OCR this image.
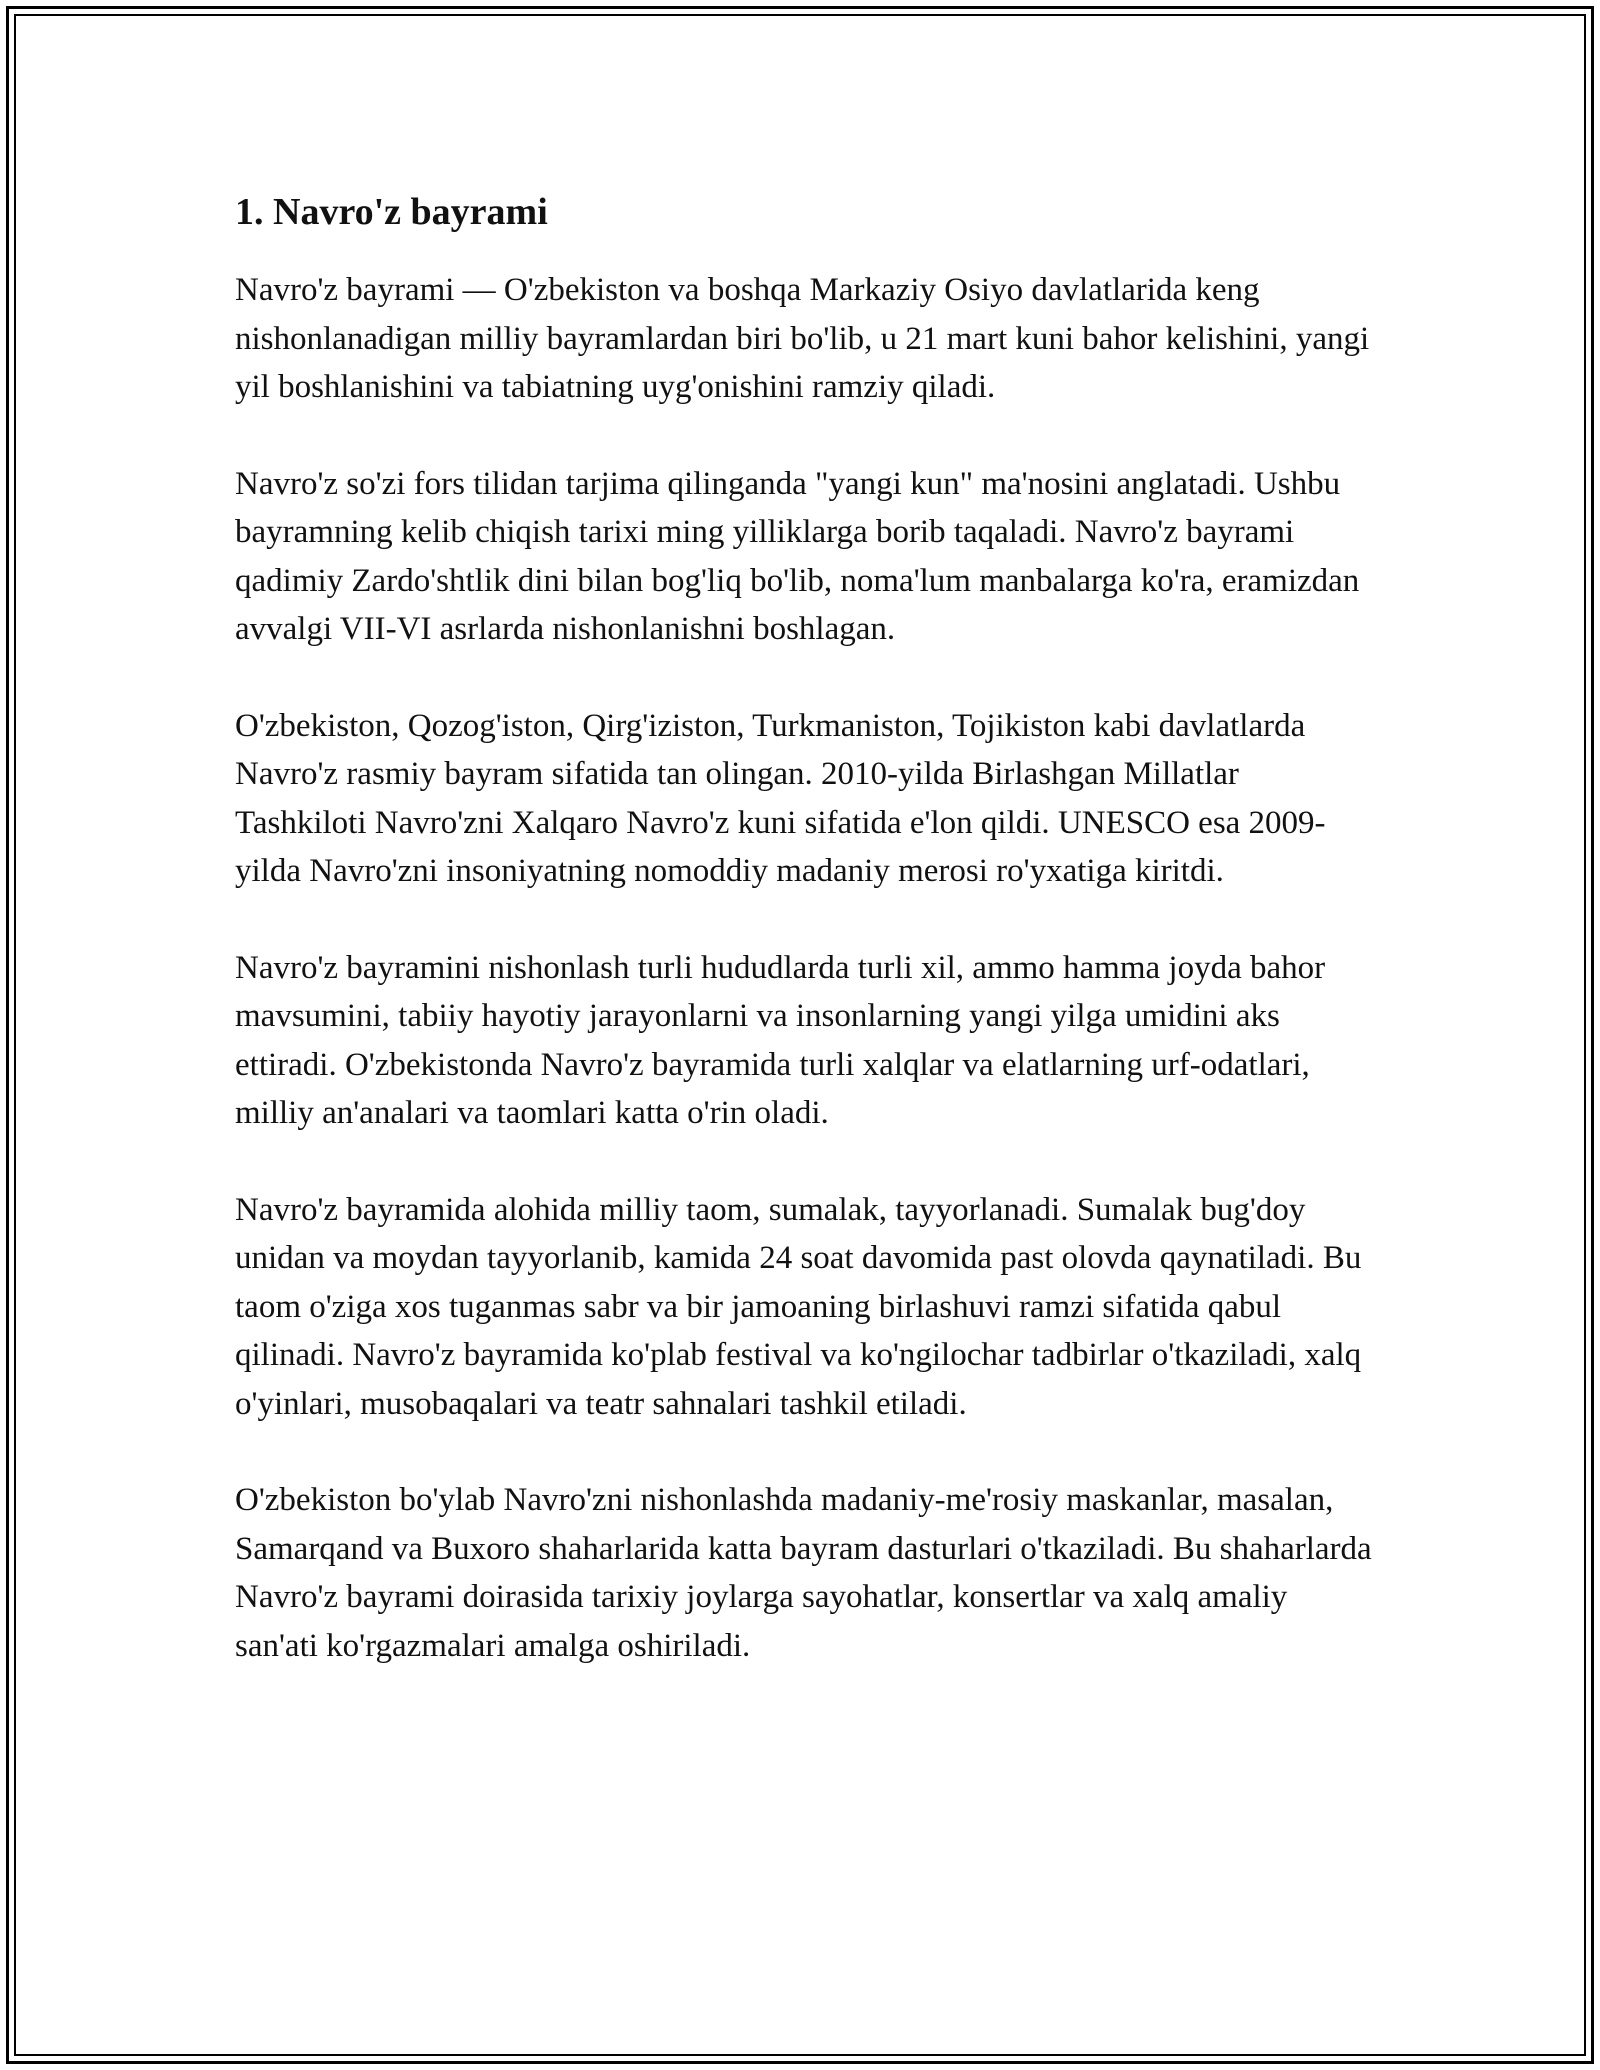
1. Navro'z bayrami

Navro'z bayrami — O'zbekiston va boshqa Markaziy Osiyo davlatlarida keng nishonlanadigan milliy bayramlardan biri bo'lib, u 21 mart kuni bahor kelishini, yangi yil boshlanishini va tabiatning uyg'onishini ramziy qiladi.

Navro'z so'zi fors tilidan tarjima qilinganda "yangi kun" ma'nosini anglatadi. Ushbu bayramning kelib chiqish tarixi ming yilliklarga borib taqaladi. Navro'z bayrami qadimiy Zardo'shtlik dini bilan bog'liq bo'lib, noma'lum manbalarga ko'ra, eramizdan avvalgi VII-VI asrlarda nishonlanishni boshlagan.

O'zbekiston, Qozog'iston, Qirg'iziston, Turkmaniston, Tojikiston kabi davlatlarda Navro'z rasmiy bayram sifatida tan olingan. 2010-yilda Birlashgan Millatlar Tashkiloti Navro'zni Xalqaro Navro'z kuni sifatida e'lon qildi. UNESCO esa 2009-yilda Navro'zni insoniyatning nomoddiy madaniy merosi ro'yxatiga kiritdi.

Navro'z bayramini nishonlash turli hududlarda turli xil, ammo hamma joyda bahor mavsumini, tabiiy hayotiy jarayonlarni va insonlarning yangi yilga umidini aks ettiradi. O'zbekistonda Navro'z bayramida turli xalqlar va elatlarning urf-odatlari, milliy an'analari va taomlari katta o'rin oladi.

Navro'z bayramida alohida milliy taom, sumalak, tayyorlanadi. Sumalak bug'doy unidan va moydan tayyorlanib, kamida 24 soat davomida past olovda qaynatiladi. Bu taom o'ziga xos tuganmas sabr va bir jamoaning birlashuvi ramzi sifatida qabul qilinadi. Navro'z bayramida ko'plab festival va ko'ngilochar tadbirlar o'tkaziladi, xalq o'yinlari, musobaqalari va teatr sahnalari tashkil etiladi.

O'zbekiston bo'ylab Navro'zni nishonlashda madaniy-me'rosiy maskanlar, masalan, Samarqand va Buxoro shaharlarida katta bayram dasturlari o'tkaziladi. Bu shaharlarda Navro'z bayrami doirasida tarixiy joylarga sayohatlar, konsertlar va xalq amaliy san'ati ko'rgazmalari amalga oshiriladi.
